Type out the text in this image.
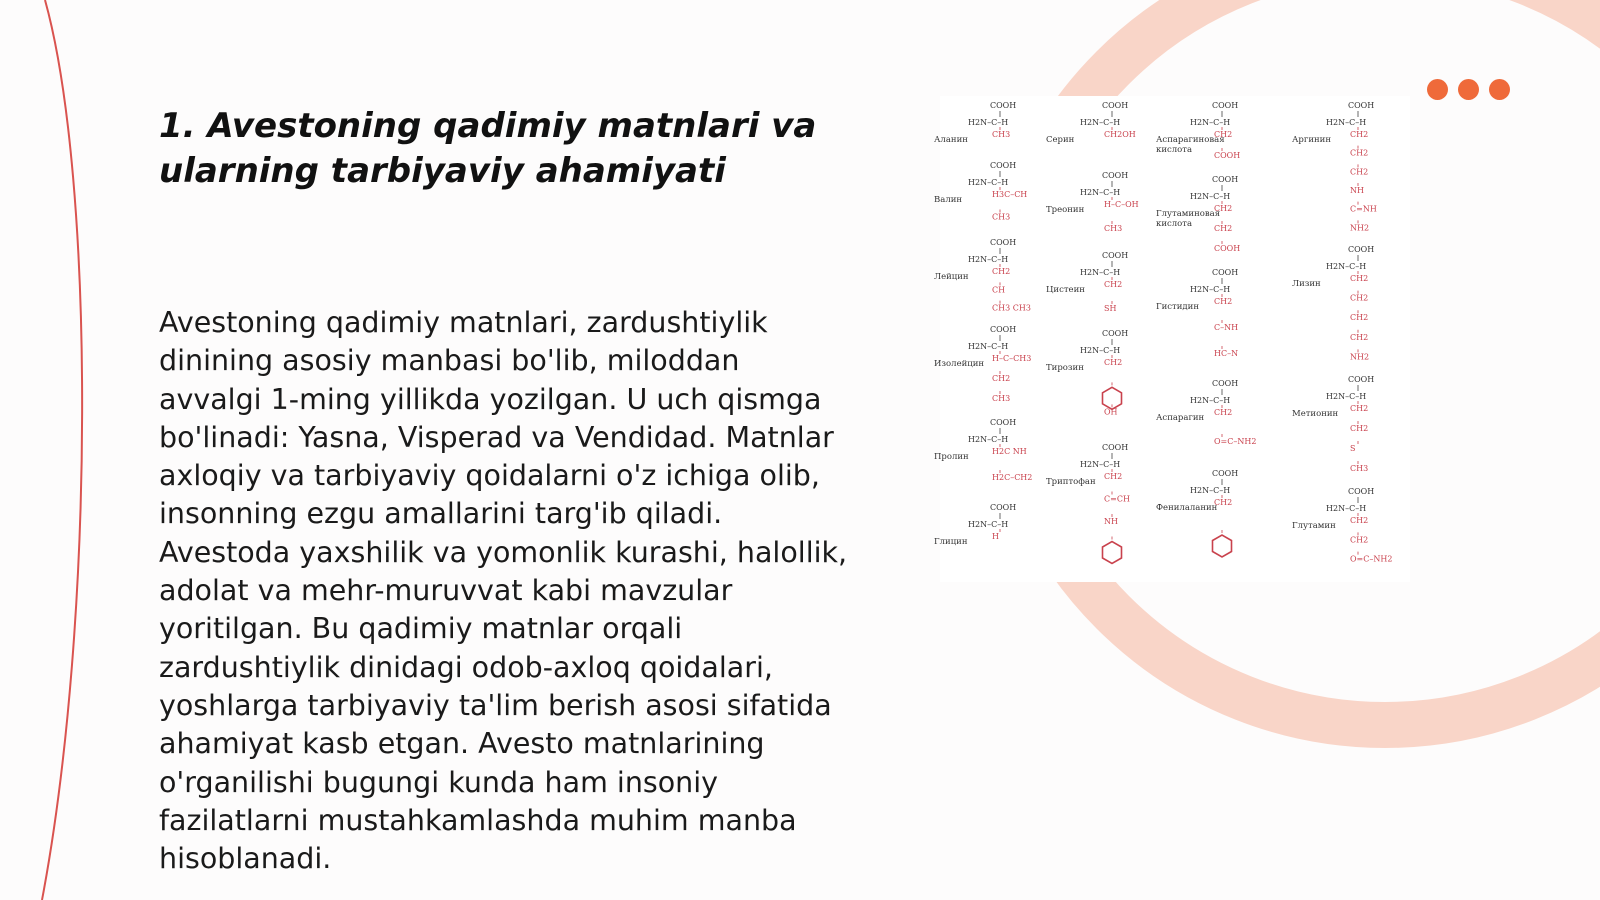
1. Avestoning qadimiy matnlari va ularning tarbiyaviy ahamiyati

Avestoning qadimiy matnlari, zardushtiylik dinining asosiy manbasi bo'lib, miloddan avvalgi 1-ming yillikda yozilgan. U uch qismga bo'linadi: Yasna, Visperad va Vendidad. Matnlar axloqiy va tarbiyaviy qoidalarni o'z ichiga olib, insonning ezgu amallarini targ'ib qiladi. Avestoda yaxshilik va yomonlik kurashi, halollik, adolat va mehr-muruvvat kabi mavzular yoritilgan. Bu qadimiy matnlar orqali zardushtiylik dinidagi odob-axloq qoidalari, yoshlarga tarbiyaviy ta'lim berish asosi sifatida ahamiyat kasb etgan. Avesto matnlarining o'rganilishi bugungi kunda ham insoniy fazilatlarni mustahkamlashda muhim manba hisoblanadi.

COOH
H2N–C–H
CH3
Аланин
COOH
H2N–C–H
H3C–CH
CH3
Валин
COOH
H2N–C–H
CH2
CH
CH3 CH3
Лейцин
COOH
H2N–C–H
H–C–CH3
CH2
CH3
Изолейцин
COOH
H2N–C–H
H2C NH
H2C–CH2
Пролин
COOH
H2N–C–H
H
Глицин
COOH
H2N–C–H
CH2OH
Серин
COOH
H2N–C–H
H–C–OH
CH3
Треонин
COOH
H2N–C–H
CH2
SH
Цистеин
COOH
H2N–C–H
CH2
OH
Тирозин
COOH
H2N–C–H
CH2
C=CH
NH
Триптофан
COOH
H2N–C–H
CH2
COOH
Аспарагиновая кислота
COOH
H2N–C–H
CH2
CH2
COOH
Глутаминовая кислота
COOH
H2N–C–H
CH2
C–NH
HC–N
Гистидин
COOH
H2N–C–H
CH2
O=C–NH2
Аспарагин
COOH
H2N–C–H
CH2
Фенилаланин
COOH
H2N–C–H
CH2
CH2
CH2
NH
C=NH
NH2
Аргинин
COOH
H2N–C–H
CH2
CH2
CH2
CH2
NH2
Лизин
COOH
H2N–C–H
CH2
CH2
S
CH3
Метионин
COOH
H2N–C–H
CH2
CH2
O=C–NH2
Глутамин
